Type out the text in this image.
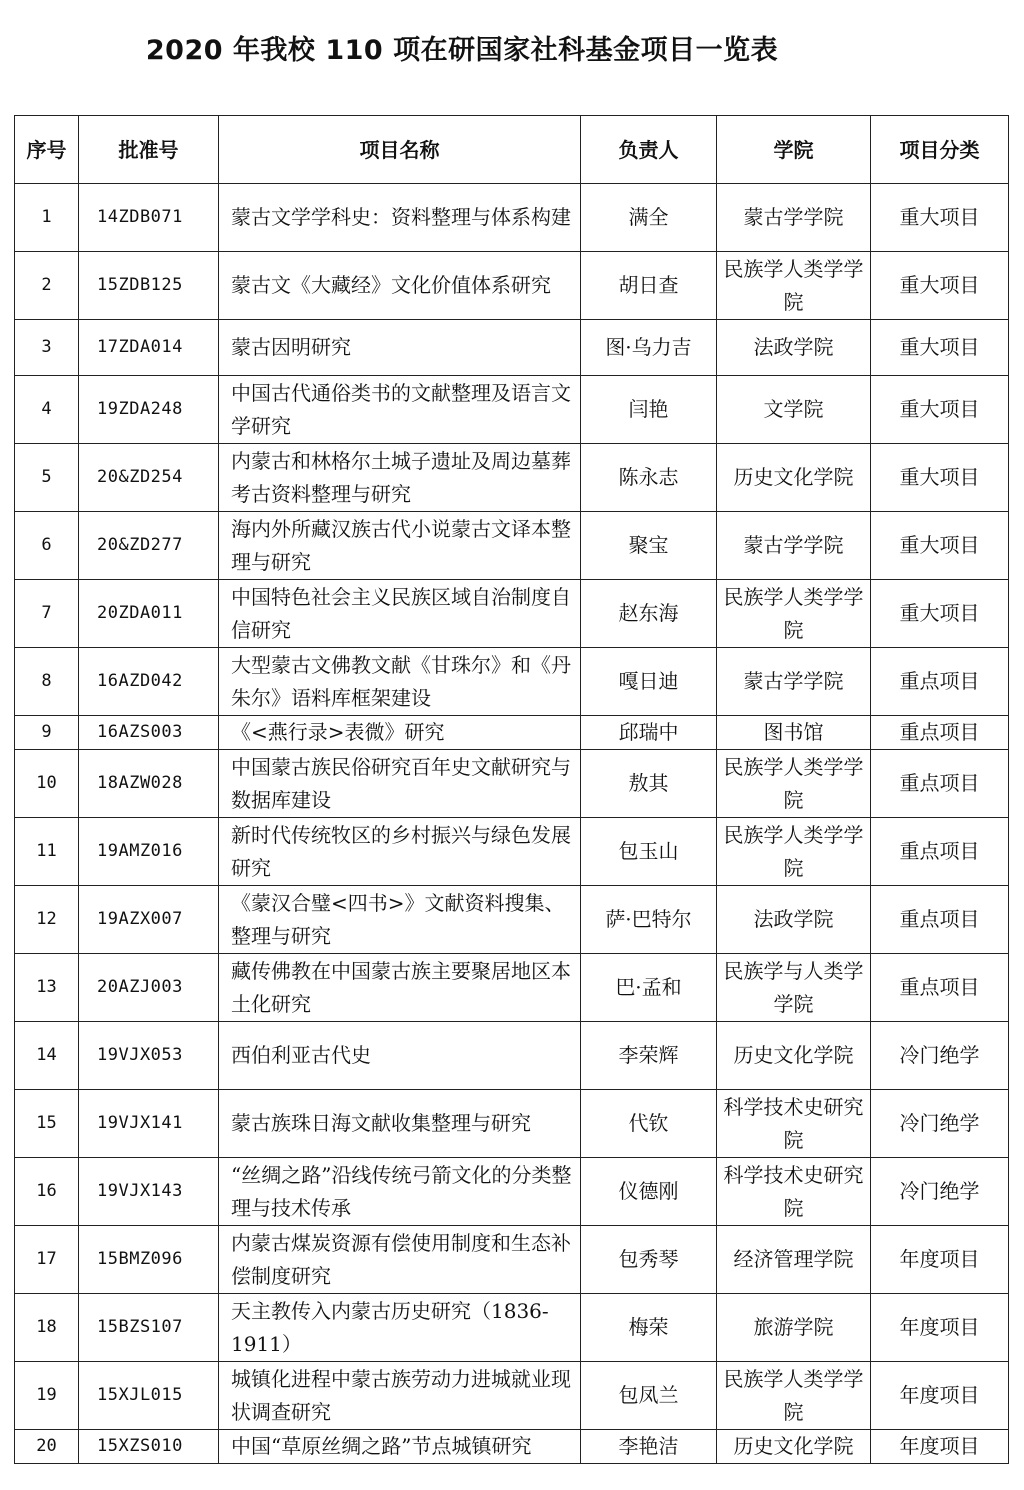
2020 年我校 110 项在研国家社科基金项目一览表
序号	批准号	项目名称	负责人	学院	项目分类
1	14ZDB071	蒙古文学学科史：资料整理与体系构建	满全	蒙古学学院	重大项目
2	15ZDB125	蒙古文《大藏经》文化价值体系研究	胡日查	民族学人类学学院	重大项目
3	17ZDA014	蒙古因明研究	图·乌力吉	法政学院	重大项目
4	19ZDA248	中国古代通俗类书的文献整理及语言文学研究	闫艳	文学院	重大项目
5	20&ZD254	内蒙古和林格尔土城子遗址及周边墓葬考古资料整理与研究	陈永志	历史文化学院	重大项目
6	20&ZD277	海内外所藏汉族古代小说蒙古文译本整理与研究	聚宝	蒙古学学院	重大项目
7	20ZDA011	中国特色社会主义民族区域自治制度自信研究	赵东海	民族学人类学学院	重大项目
8	16AZD042	大型蒙古文佛教文献《甘珠尔》和《丹朱尔》语料库框架建设	嘎日迪	蒙古学学院	重点项目
9	16AZS003	《<燕行录>表微》研究	邱瑞中	图书馆	重点项目
10	18AZW028	中国蒙古族民俗研究百年史文献研究与数据库建设	敖其	民族学人类学学院	重点项目
11	19AMZ016	新时代传统牧区的乡村振兴与绿色发展研究	包玉山	民族学人类学学院	重点项目
12	19AZX007	《蒙汉合璧<四书>》文献资料搜集、整理与研究	萨·巴特尔	法政学院	重点项目
13	20AZJ003	藏传佛教在中国蒙古族主要聚居地区本土化研究	巴·孟和	民族学与人类学学院	重点项目
14	19VJX053	西伯利亚古代史	李荣辉	历史文化学院	冷门绝学
15	19VJX141	蒙古族珠日海文献收集整理与研究	代钦	科学技术史研究院	冷门绝学
16	19VJX143	“丝绸之路”沿线传统弓箭文化的分类整理与技术传承	仪德刚	科学技术史研究院	冷门绝学
17	15BMZ096	内蒙古煤炭资源有偿使用制度和生态补偿制度研究	包秀琴	经济管理学院	年度项目
18	15BZS107	天主教传入内蒙古历史研究（1836-1911）	梅荣	旅游学院	年度项目
19	15XJL015	城镇化进程中蒙古族劳动力进城就业现状调查研究	包凤兰	民族学人类学学院	年度项目
20	15XZS010	中国“草原丝绸之路”节点城镇研究	李艳洁	历史文化学院	年度项目
